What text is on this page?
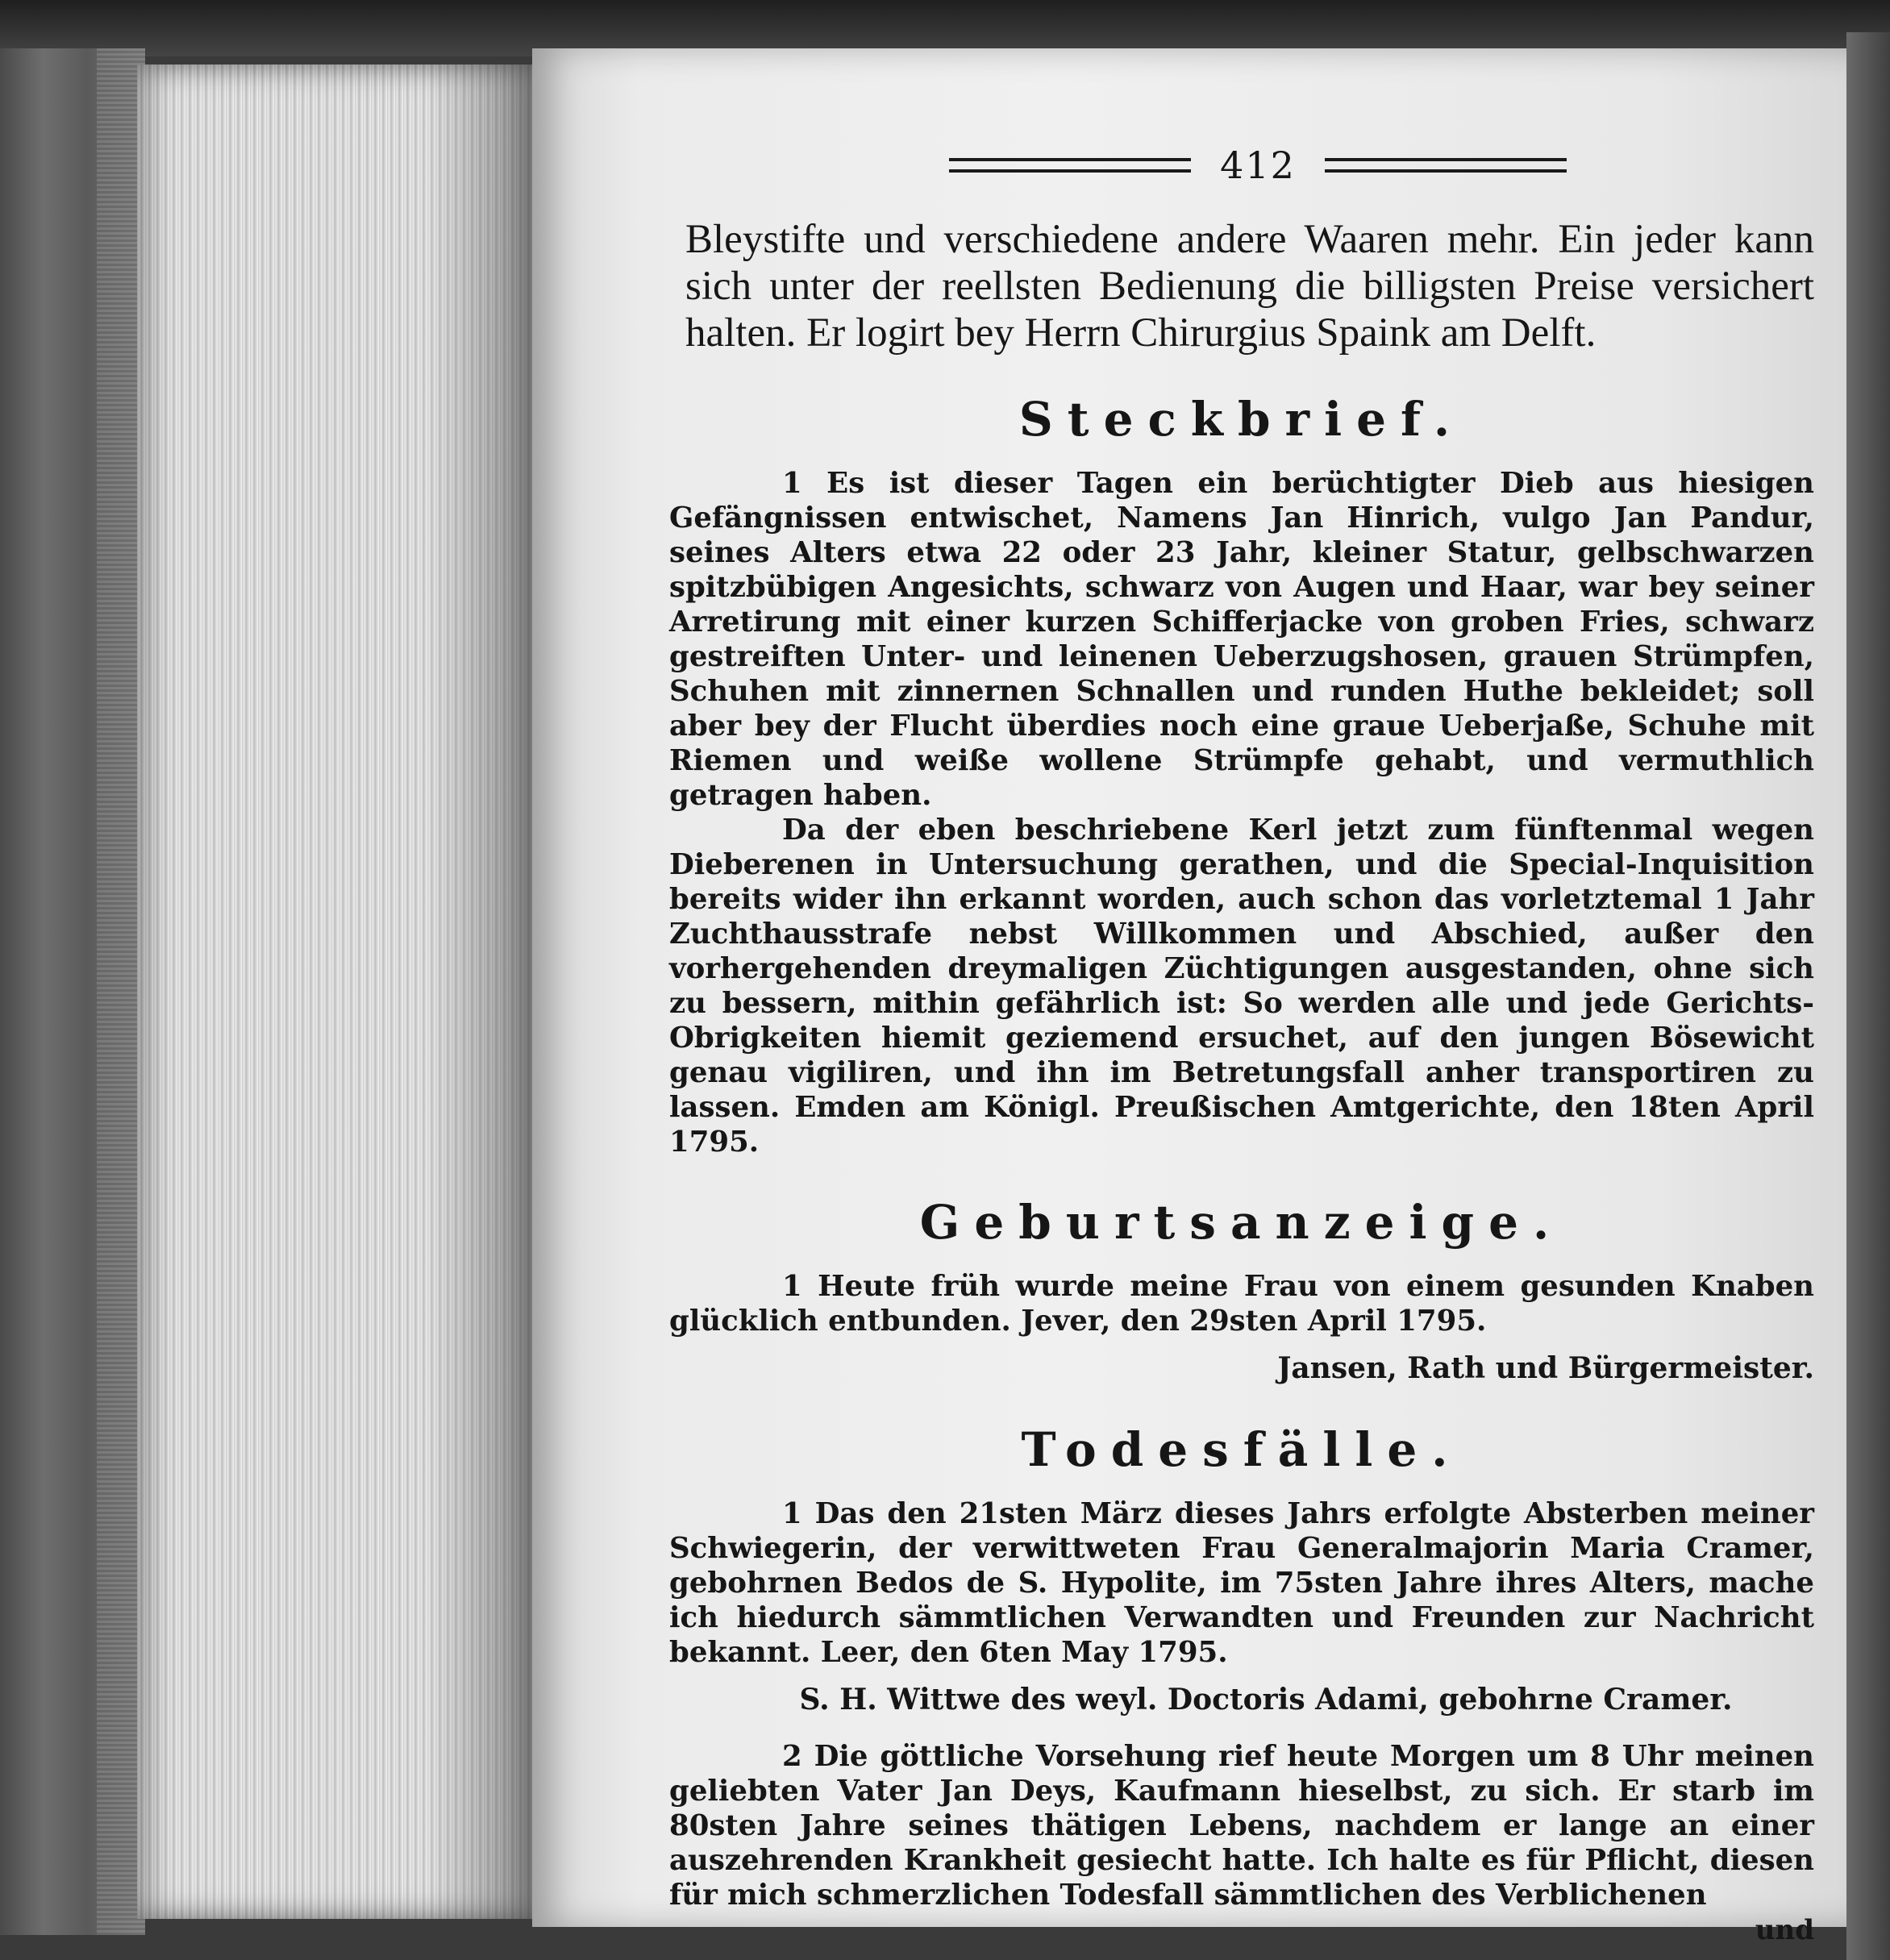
412

Bleystifte und verschiedene andere Waaren mehr. Ein jeder kann sich unter der reellsten Bedienung die billigsten Preise versichert halten. Er logirt bey Herrn Chirurgius Spaink am Delft.

Steckbrief.

1 Es ist dieser Tagen ein berüchtigter Dieb aus hiesigen Gefängnissen entwischet, Namens Jan Hinrich, vulgo Jan Pandur, seines Alters etwa 22 oder 23 Jahr, kleiner Statur, gelbschwarzen spitzbübigen Angesichts, schwarz von Augen und Haar, war bey seiner Arretirung mit einer kurzen Schifferjacke von groben Fries, schwarz gestreiften Unter- und leinenen Ueberzugshosen, grauen Strümpfen, Schuhen mit zinnernen Schnallen und runden Huthe bekleidet; soll aber bey der Flucht überdies noch eine graue Ueberjaße, Schuhe mit Riemen und weiße wollene Strümpfe gehabt, und vermuthlich getragen haben.

Da der eben beschriebene Kerl jetzt zum fünftenmal wegen Dieberenen in Untersuchung gerathen, und die Special-Inquisition bereits wider ihn erkannt worden, auch schon das vorletztemal 1 Jahr Zuchthausstrafe nebst Willkommen und Abschied, außer den vorhergehenden dreymaligen Züchtigungen ausgestanden, ohne sich zu bessern, mithin gefährlich ist: So werden alle und jede Gerichts-Obrigkeiten hiemit geziemend ersuchet, auf den jungen Bösewicht genau vigiliren, und ihn im Betretungsfall anher transportiren zu lassen. Emden am Königl. Preußischen Amtgerichte, den 18ten April 1795.

Geburtsanzeige.

1 Heute früh wurde meine Frau von einem gesunden Knaben glücklich entbunden. Jever, den 29sten April 1795.

Jansen, Rath und Bürgermeister.
Todesfälle.

1 Das den 21sten März dieses Jahrs erfolgte Absterben meiner Schwiegerin, der verwittweten Frau Generalmajorin Maria Cramer, gebohrnen Bedos de S. Hypolite, im 75sten Jahre ihres Alters, mache ich hiedurch sämmtlichen Verwandten und Freunden zur Nachricht bekannt. Leer, den 6ten May 1795.

S. H. Wittwe des weyl. Doctoris Adami, gebohrne Cramer.

2 Die göttliche Vorsehung rief heute Morgen um 8 Uhr meinen geliebten Vater Jan Deys, Kaufmann hieselbst, zu sich. Er starb im 80sten Jahre seines thätigen Lebens, nachdem er lange an einer auszehrenden Krankheit gesiecht hatte. Ich halte es für Pflicht, diesen für mich schmerzlichen Todesfall sämmtlichen des Verblichenen

und
